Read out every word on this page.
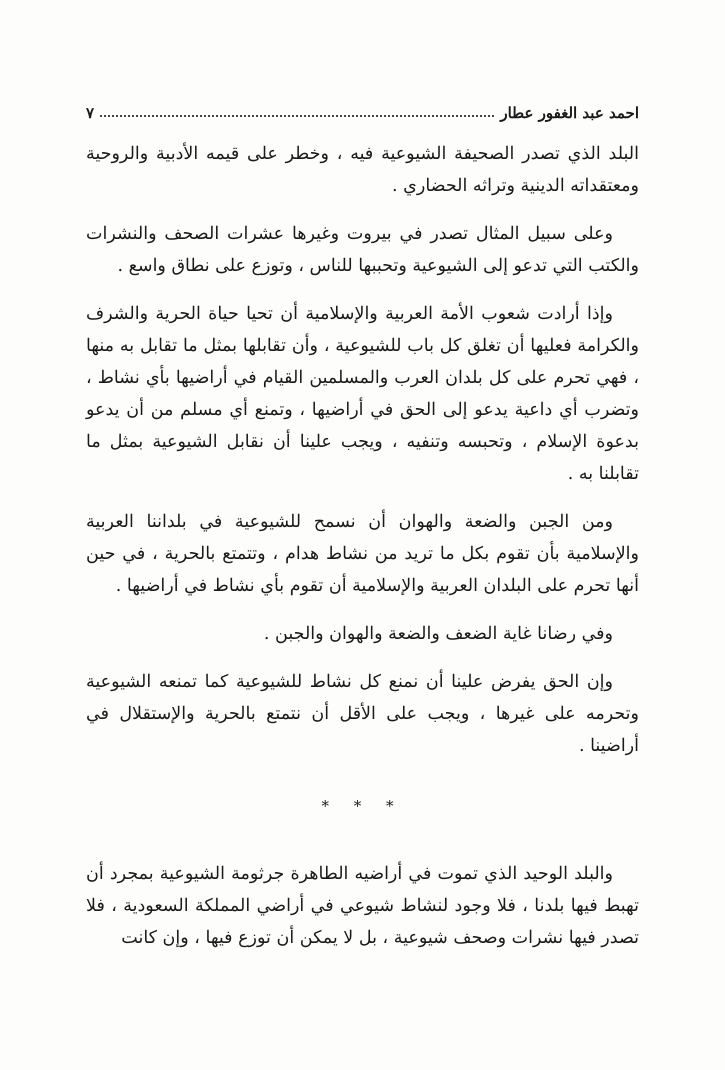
احمد عبد الغفور عطار
٧

البلد الذي تصدر الصحيفة الشيوعية فيه ، وخطر على قيمه الأدبية والروحية ومعتقداته الدينية وتراثه الحضاري .

وعلى سبيل المثال تصدر في بيروت وغيرها عشرات الصحف والنشرات والكتب التي تدعو إلى الشيوعية وتحببها للناس ، وتوزع على نطاق واسع .

وإذا أرادت شعوب الأمة العربية والإسلامية أن تحيا حياة الحرية والشرف والكرامة فعليها أن تغلق كل باب للشيوعية ، وأن تقابلها بمثل ما تقابل به منها ، فهي تحرم على كل بلدان العرب والمسلمين القيام في أراضيها بأي نشاط ، وتضرب أي داعية يدعو إلى الحق في أراضيها ، وتمنع أي مسلم من أن يدعو بدعوة الإسلام ، وتحبسه وتنفيه ، ويجب علينا أن نقابل الشيوعية بمثل ما تقابلنا به .

ومن الجبن والضعة والهوان أن نسمح للشيوعية في بلداننا العربية والإسلامية بأن تقوم بكل ما تريد من نشاط هدام ، وتتمتع بالحرية ، في حين أنها تحرم على البلدان العربية والإسلامية أن تقوم بأي نشاط في أراضيها .

وفي رضانا غاية الضعف والضعة والهوان والجبن .

وإن الحق يفرض علينا أن نمنع كل نشاط للشيوعية كما تمنعه الشيوعية وتحرمه على غيرها ، ويجب على الأقل أن نتمتع بالحرية والإستقلال في أراضينا .

* * *

والبلد الوحيد الذي تموت في أراضيه الطاهرة جرثومة الشيوعية بمجرد أن تهبط فيها بلدنا ، فلا وجود لنشاط شيوعي في أراضي المملكة السعودية ، فلا تصدر فيها نشرات وصحف شيوعية ، بل لا يمكن أن توزع فيها ، وإن كانت
